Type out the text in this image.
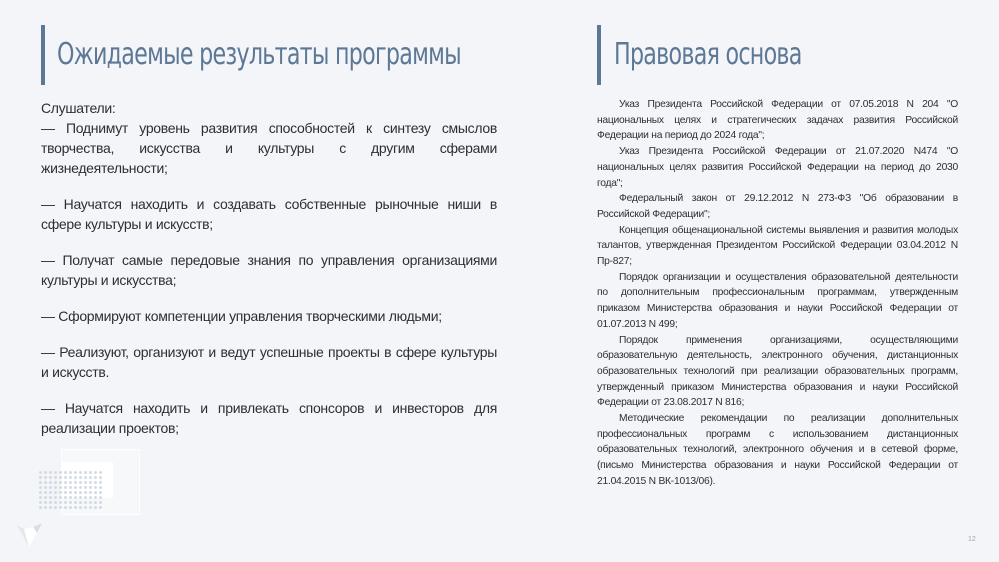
Ожидаемые результаты программы

Слушатели:

— Поднимут уровень развития способностей к синтезу смыслов творчества, искусства и культуры с другим сферами жизнедеятельности;

— Научатся находить и создавать собственные рыночные ниши в сфере культуры и искусств;

— Получат самые передовые знания по управления организациями культуры и искусства;

— Сформируют компетенции управления творческими людьми;

— Реализуют, организуют и ведут успешные проекты в сфере культуры и искусств.

— Научатся находить и привлекать спонсоров и инвесторов для реализации проектов;

Правовая основа

Указ Президента Российской Федерации от 07.05.2018 N 204 "О национальных целях и стратегических задачах развития Российской Федерации на период до 2024 года";

Указ Президента Российской Федерации от 21.07.2020 N474 "О национальных целях развития Российской Федерации на период до 2030 года";

Федеральный закон от 29.12.2012 N 273-ФЗ "Об образовании в Российской Федерации";

Концепция общенациональной системы выявления и развития молодых талантов, утвержденная Президентом Российской Федерации 03.04.2012 N Пр-827;

Порядок организации и осуществления образовательной деятельности по дополнительным профессиональным программам, утвержденным приказом Министерства образования и науки Российской Федерации от 01.07.2013 N 499;

Порядок применения организациями, осуществляющими образовательную деятельность, электронного обучения, дистанционных образовательных технологий при реализации образовательных программ, утвержденный приказом Министерства образования и науки Российской Федерации от 23.08.2017 N 816;

Методические рекомендации по реализации дополнительных профессиональных программ с использованием дистанционных образовательных технологий, электронного обучения и в сетевой форме, (письмо Министерства образования и науки Российской Федерации от 21.04.2015 N ВК-1013/06).

12
